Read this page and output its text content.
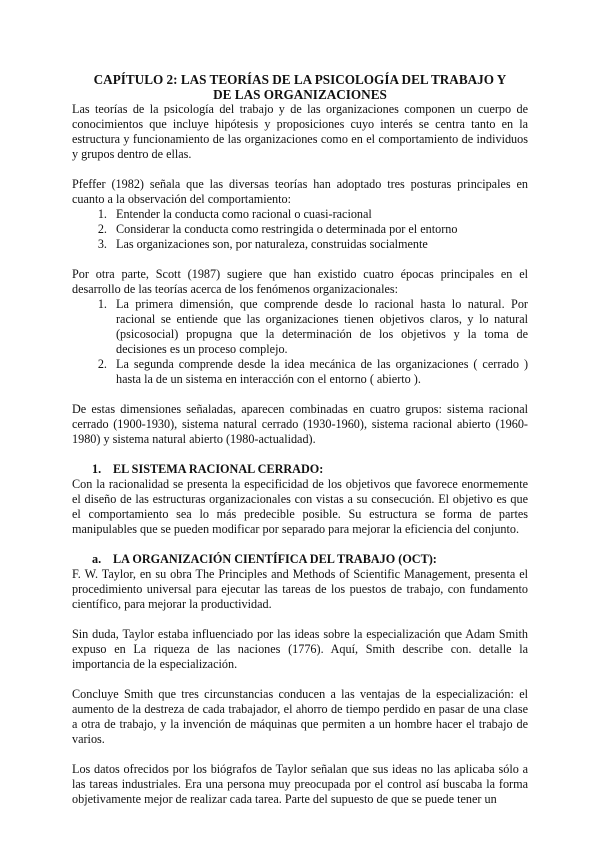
CAPÍTULO 2: LAS TEORÍAS DE LA PSICOLOGÍA DEL TRABAJO Y
DE LAS ORGANIZACIONES

Las teorías de la psicología del trabajo y de las organizaciones componen un cuerpo de conocimientos que incluye hipótesis y proposiciones cuyo interés se centra tanto en la estructura y funcionamiento de las organizaciones como en el comportamiento de individuos y grupos dentro de ellas.

Pfeffer (1982) señala que las diversas teorías han adoptado tres posturas principales en cuanto a la observación del comportamiento:

1. Entender la conducta como racional o cuasi-racional
2. Considerar la conducta como restringida o determinada por el entorno
3. Las organizaciones son, por naturaleza, construidas socialmente

Por otra parte, Scott (1987) sugiere que han existido cuatro épocas principales en el desarrollo de las teorías acerca de los fenómenos organizacionales:

1. La primera dimensión, que comprende desde lo racional hasta lo natural. Por racional se entiende que las organizaciones tienen objetivos claros, y lo natural (psicosocial) propugna que la determinación de los objetivos y la toma de decisiones es un proceso complejo.
2. La segunda comprende desde la idea mecánica de las organizaciones ( cerrado ) hasta la de un sistema en interacción con el entorno ( abierto ).

De estas dimensiones señaladas, aparecen combinadas en cuatro grupos: sistema racional cerrado (1900-1930), sistema natural cerrado (1930-1960), sistema racional abierto (1960-1980) y sistema natural abierto (1980-actualidad).

1. EL SISTEMA RACIONAL CERRADO:

Con la racionalidad se presenta la especificidad de los objetivos que favorece enormemente el diseño de las estructuras organizacionales con vistas a su consecución. El objetivo es que el comportamiento sea lo más predecible posible. Su estructura se forma de partes manipulables que se pueden modificar por separado para mejorar la eficiencia del conjunto.

a. LA ORGANIZACIÓN CIENTÍFICA DEL TRABAJO (OCT):

F. W. Taylor, en su obra The Principles and Methods of Scientific Management, presenta el procedimiento universal para ejecutar las tareas de los puestos de trabajo, con fundamento científico, para mejorar la productividad.

Sin duda, Taylor estaba influenciado por las ideas sobre la especialización que Adam Smith expuso en La riqueza de las naciones (1776). Aquí, Smith describe con. detalle la importancia de la especialización.

Concluye Smith que tres circunstancias conducen a las ventajas de la especialización: el aumento de la destreza de cada trabajador, el ahorro de tiempo perdido en pasar de una clase a otra de trabajo, y la invención de máquinas que permiten a un hombre hacer el trabajo de varios.

Los datos ofrecidos por los biógrafos de Taylor señalan que sus ideas no las aplicaba sólo a las tareas industriales. Era una persona muy preocupada por el control así buscaba la forma objetivamente mejor de realizar cada tarea. Parte del supuesto de que se puede tener un
